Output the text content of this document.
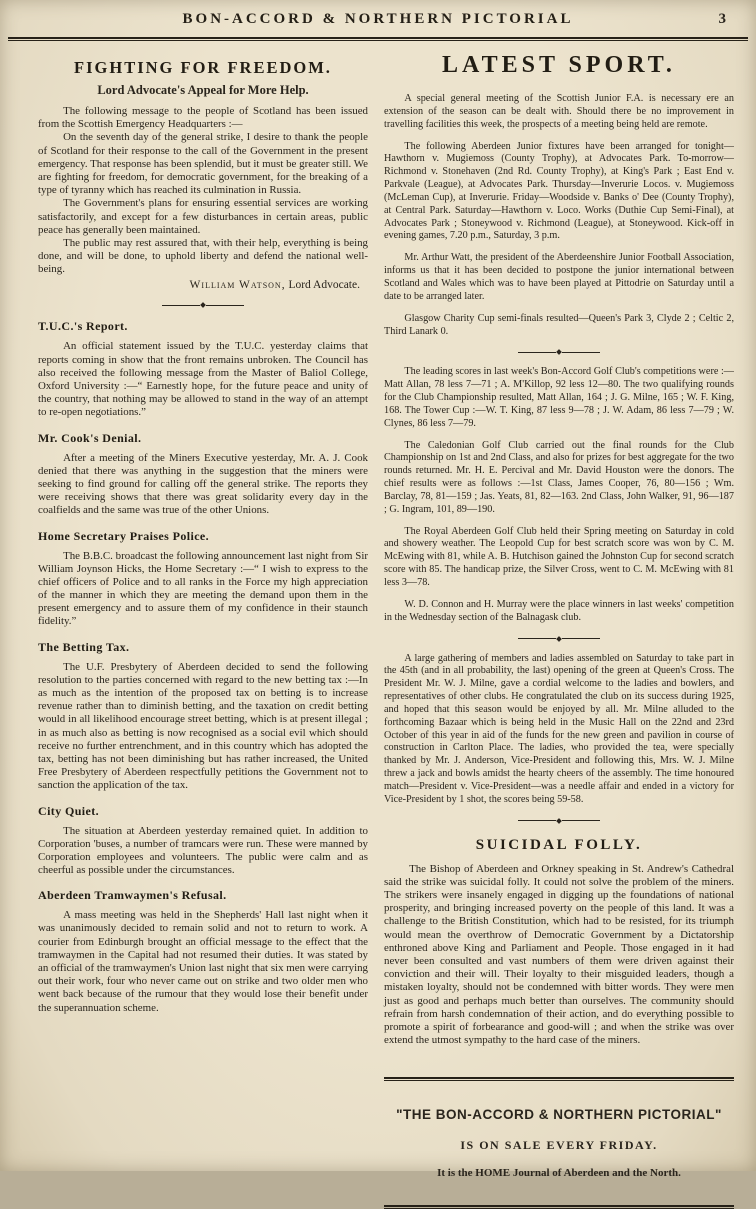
BON-ACCORD & NORTHERN PICTORIAL	3
FIGHTING FOR FREEDOM.
Lord Advocate's Appeal for More Help.

The following message to the people of Scotland has been issued from the Scottish Emergency Headquarters :—

On the seventh day of the general strike, I desire to thank the people of Scotland for their response to the call of the Government in the present emergency. That response has been splendid, but it must be greater still. We are fighting for freedom, for democratic government, for the breaking of a type of tyranny which has reached its culmination in Russia.

The Government's plans for ensuring essential services are working satisfactorily, and except for a few disturbances in certain areas, public peace has generally been maintained.

The public may rest assured that, with their help, everything is being done, and will be done, to uphold liberty and defend the national well-being.

William Watson, Lord Advocate.
T.U.C.'s Report.

An official statement issued by the T.U.C. yesterday claims that reports coming in show that the front remains unbroken. The Council has also received the following message from the Master of Baliol College, Oxford University :—“ Earnestly hope, for the future peace and unity of the country, that nothing may be allowed to stand in the way of an attempt to re-open negotiations.”

Mr. Cook's Denial.

After a meeting of the Miners Executive yesterday, Mr. A. J. Cook denied that there was anything in the suggestion that the miners were seeking to find ground for calling off the general strike. The reports they were receiving shows that there was great solidarity every day in the coalfields and the same was true of the other Unions.

Home Secretary Praises Police.

The B.B.C. broadcast the following announcement last night from Sir William Joynson Hicks, the Home Secretary :—“ I wish to express to the chief officers of Police and to all ranks in the Force my high appreciation of the manner in which they are meeting the demand upon them in the present emergency and to assure them of my confidence in their staunch fidelity.”

The Betting Tax.

The U.F. Presbytery of Aberdeen decided to send the following resolution to the parties concerned with regard to the new betting tax :—In as much as the intention of the proposed tax on betting is to increase revenue rather than to diminish betting, and the taxation on credit betting would in all likelihood encourage street betting, which is at present illegal ; in as much also as betting is now recognised as a social evil which should receive no further entrenchment, and in this country which has adopted the tax, betting has not been diminishing but has rather increased, the United Free Presbytery of Aberdeen respectfully petitions the Government not to sanction the application of the tax.

City Quiet.

The situation at Aberdeen yesterday remained quiet. In addition to Corporation 'buses, a number of tramcars were run. These were manned by Corporation employees and volunteers. The public were calm and as cheerful as possible under the circumstances.

Aberdeen Tramwaymen's Refusal.

A mass meeting was held in the Shepherds' Hall last night when it was unanimously decided to remain solid and not to return to work. A courier from Edinburgh brought an official message to the effect that the tramwaymen in the Capital had not resumed their duties. It was stated by an official of the tramwaymen's Union last night that six men were carrying out their work, four who never came out on strike and two older men who went back because of the rumour that they would lose their benefit under the superannuation scheme.

LATEST SPORT.

A special general meeting of the Scottish Junior F.A. is necessary ere an extension of the season can be dealt with. Should there be no improvement in travelling facilities this week, the prospects of a meeting being held are remote.

The following Aberdeen Junior fixtures have been arranged for tonight—Hawthorn v. Mugiemoss (County Trophy), at Advocates Park. To-morrow—Richmond v. Stonehaven (2nd Rd. County Trophy), at King's Park ; East End v. Parkvale (League), at Advocates Park. Thursday—Inverurie Locos. v. Mugiemoss (McLeman Cup), at Inverurie. Friday—Woodside v. Banks o' Dee (County Trophy), at Central Park. Saturday—Hawthorn v. Loco. Works (Duthie Cup Semi-Final), at Advocates Park ; Stoneywood v. Richmond (League), at Stoneywood. Kick-off in evening games, 7.20 p.m., Saturday, 3 p.m.

Mr. Arthur Watt, the president of the Aberdeenshire Junior Football Association, informs us that it has been decided to postpone the junior international between Scotland and Wales which was to have been played at Pittodrie on Saturday until a date to be arranged later.

Glasgow Charity Cup semi-finals resulted—Queen's Park 3, Clyde 2 ; Celtic 2, Third Lanark 0.

The leading scores in last week's Bon-Accord Golf Club's competitions were :—Matt Allan, 78 less 7—71 ; A. M'Killop, 92 less 12—80. The two qualifying rounds for the Club Championship resulted, Matt Allan, 164 ; J. G. Milne, 165 ; W. F. King, 168. The Tower Cup :—W. T. King, 87 less 9—78 ; J. W. Adam, 86 less 7—79 ; W. Clynes, 86 less 7—79.

The Caledonian Golf Club carried out the final rounds for the Club Championship on 1st and 2nd Class, and also for prizes for best aggregate for the two rounds returned. Mr. H. E. Percival and Mr. David Houston were the donors. The chief results were as follows :—1st Class, James Cooper, 76, 80—156 ; Wm. Barclay, 78, 81—159 ; Jas. Yeats, 81, 82—163. 2nd Class, John Walker, 91, 96—187 ; G. Ingram, 101, 89—190.

The Royal Aberdeen Golf Club held their Spring meeting on Saturday in cold and showery weather. The Leopold Cup for best scratch score was won by C. M. McEwing with 81, while A. B. Hutchison gained the Johnston Cup for second scratch score with 85. The handicap prize, the Silver Cross, went to C. M. McEwing with 81 less 3—78.

W. D. Connon and H. Murray were the place winners in last weeks' competition in the Wednesday section of the Balnagask club.

A large gathering of members and ladies assembled on Saturday to take part in the 45th (and in all probability, the last) opening of the green at Queen's Cross. The President Mr. W. J. Milne, gave a cordial welcome to the ladies and bowlers, and representatives of other clubs. He congratulated the club on its success during 1925, and hoped that this season would be enjoyed by all. Mr. Milne alluded to the forthcoming Bazaar which is being held in the Music Hall on the 22nd and 23rd October of this year in aid of the funds for the new green and pavilion in course of construction in Carlton Place. The ladies, who provided the tea, were specially thanked by Mr. J. Anderson, Vice-President and following this, Mrs. W. J. Milne threw a jack and bowls amidst the hearty cheers of the assembly. The time honoured match—President v. Vice-President—was a needle affair and ended in a victory for Vice-President by 1 shot, the scores being 59-58.

SUICIDAL FOLLY.

The Bishop of Aberdeen and Orkney speaking in St. Andrew's Cathedral said the strike was suicidal folly. It could not solve the problem of the miners. The strikers were insanely engaged in digging up the foundations of national prosperity, and bringing increased poverty on the people of this land. It was a challenge to the British Constitution, which had to be resisted, for its triumph would mean the overthrow of Democratic Government by a Dictatorship enthroned above King and Parliament and People. Those engaged in it had never been consulted and vast numbers of them were driven against their conviction and their will. Their loyalty to their misguided leaders, though a mistaken loyalty, should not be condemned with bitter words. They were men just as good and perhaps much better than ourselves. The community should refrain from harsh condemnation of their action, and do everything possible to promote a spirit of forbearance and good-will ; and when the strike was over extend the utmost sympathy to the hard case of the miners.

"THE BON-ACCORD & NORTHERN PICTORIAL"
IS ON SALE EVERY FRIDAY.
It is the HOME Journal of Aberdeen and the North.
